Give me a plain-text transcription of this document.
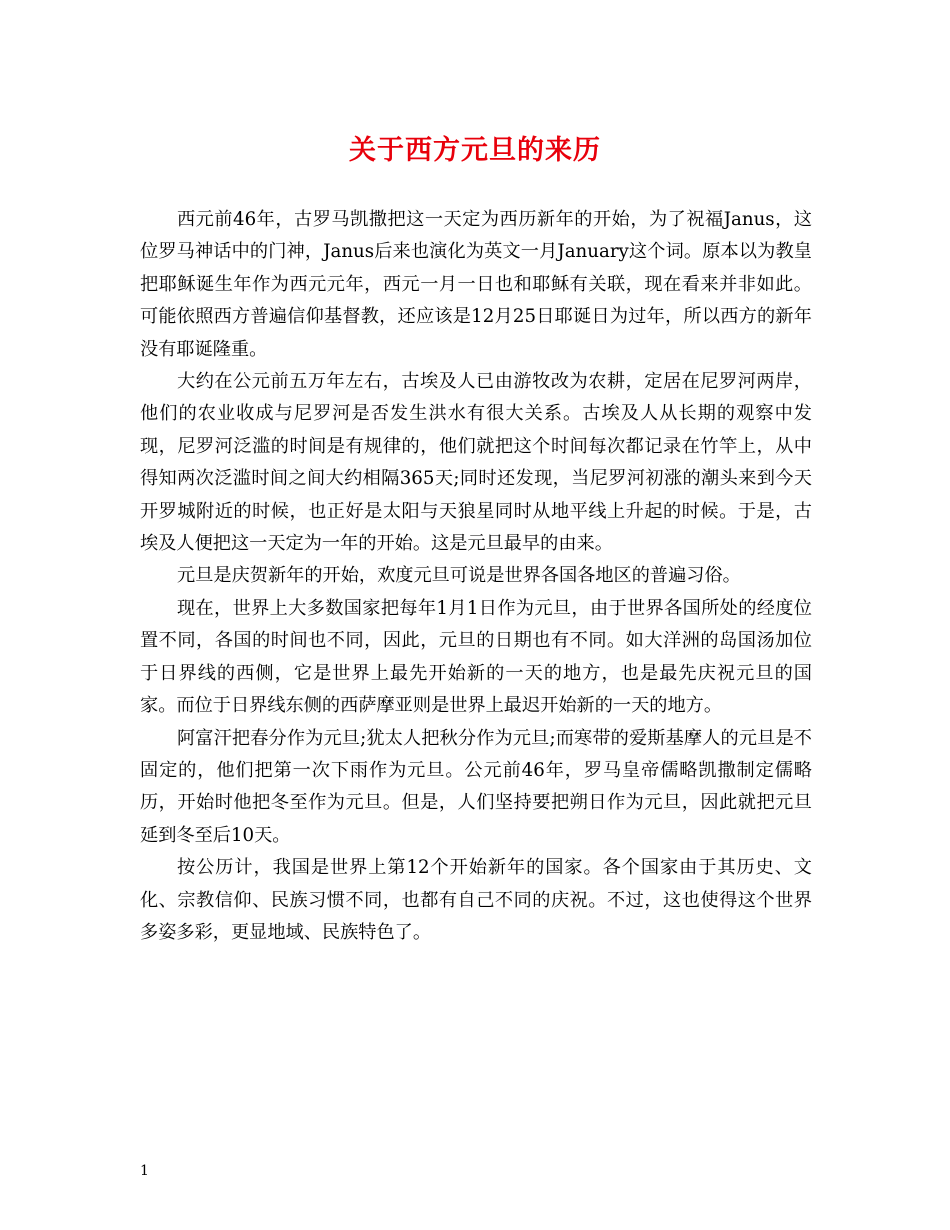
关于西方元旦的来历

西元前46年，古罗马凯撒把这一天定为西历新年的开始，为了祝福Janus，这位罗马神话中的门神，Janus后来也演化为英文一月January这个词。原本以为教皇把耶稣诞生年作为西元元年，西元一月一日也和耶稣有关联，现在看来并非如此。可能依照西方普遍信仰基督教，还应该是12月25日耶诞日为过年，所以西方的新年没有耶诞隆重。

大约在公元前五万年左右，古埃及人已由游牧改为农耕，定居在尼罗河两岸，他们的农业收成与尼罗河是否发生洪水有很大关系。古埃及人从长期的观察中发现，尼罗河泛滥的时间是有规律的，他们就把这个时间每次都记录在竹竿上，从中得知两次泛滥时间之间大约相隔365天;同时还发现，当尼罗河初涨的潮头来到今天开罗城附近的时候，也正好是太阳与天狼星同时从地平线上升起的时候。于是，古埃及人便把这一天定为一年的开始。这是元旦最早的由来。

元旦是庆贺新年的开始，欢度元旦可说是世界各国各地区的普遍习俗。

现在，世界上大多数国家把每年1月1日作为元旦，由于世界各国所处的经度位置不同，各国的时间也不同，因此，元旦的日期也有不同。如大洋洲的岛国汤加位于日界线的西侧，它是世界上最先开始新的一天的地方，也是最先庆祝元旦的国家。而位于日界线东侧的西萨摩亚则是世界上最迟开始新的一天的地方。

阿富汗把春分作为元旦;犹太人把秋分作为元旦;而寒带的爱斯基摩人的元旦是不固定的，他们把第一次下雨作为元旦。公元前46年，罗马皇帝儒略凯撒制定儒略历，开始时他把冬至作为元旦。但是，人们坚持要把朔日作为元旦，因此就把元旦延到冬至后10天。

按公历计，我国是世界上第12个开始新年的国家。各个国家由于其历史、文化、宗教信仰、民族习惯不同，也都有自己不同的庆祝。不过，这也使得这个世界多姿多彩，更显地域、民族特色了。

1
